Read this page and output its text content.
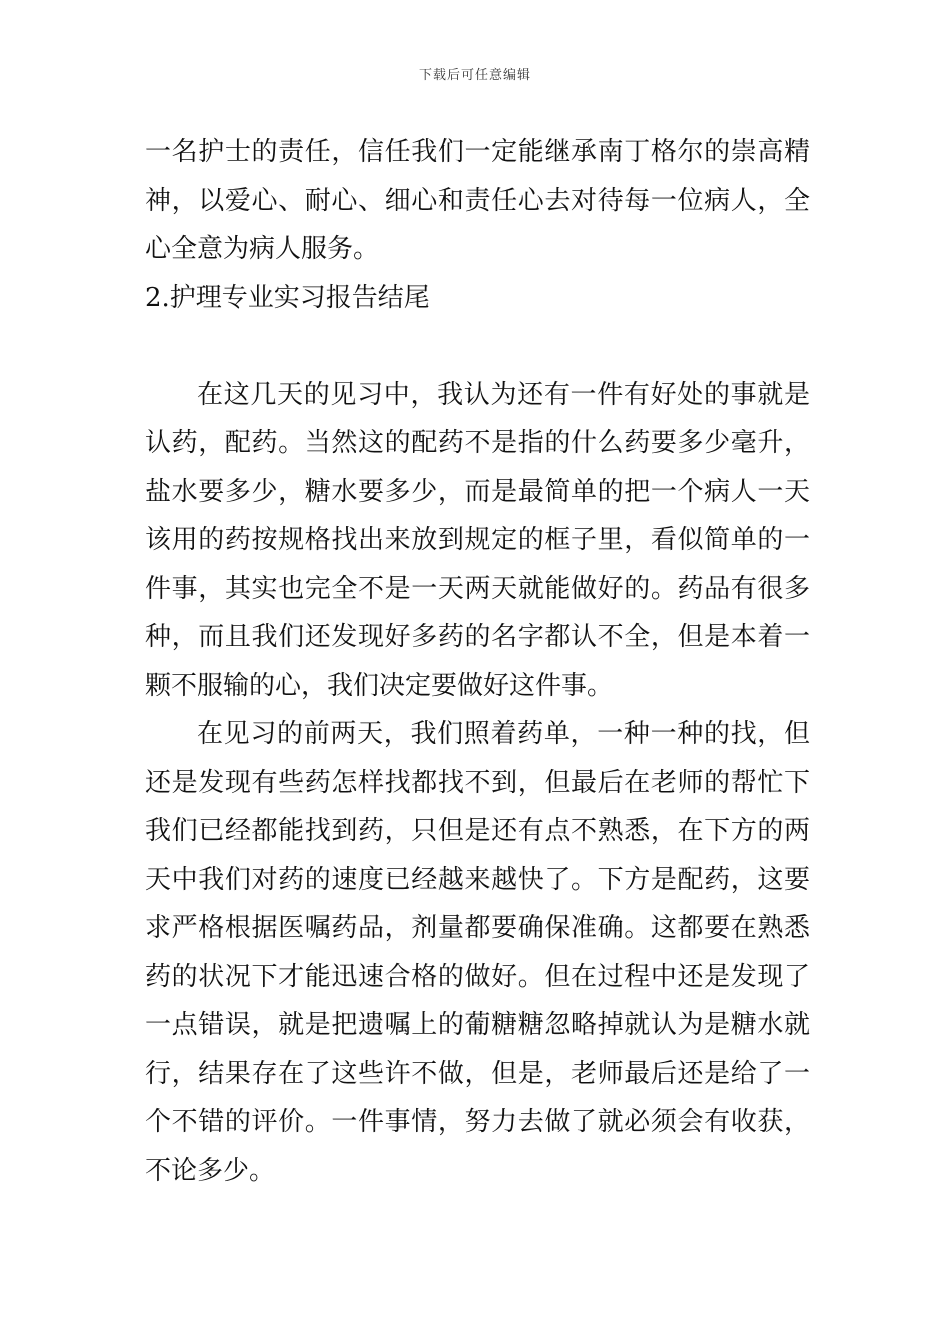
下载后可任意编辑

一名护士的责任，信任我们一定能继承南丁格尔的崇高精神，以爱心、耐心、细心和责任心去对待每一位病人，全心全意为病人服务。

2.护理专业实习报告结尾

在这几天的见习中，我认为还有一件有好处的事就是认药，配药。当然这的配药不是指的什么药要多少毫升，盐水要多少，糖水要多少，而是最简单的把一个病人一天该用的药按规格找出来放到规定的框子里，看似简单的一件事，其实也完全不是一天两天就能做好的。药品有很多种，而且我们还发现好多药的名字都认不全，但是本着一颗不服输的心，我们决定要做好这件事。

在见习的前两天，我们照着药单，一种一种的找，但还是发现有些药怎样找都找不到，但最后在老师的帮忙下我们已经都能找到药，只但是还有点不熟悉，在下方的两天中我们对药的速度已经越来越快了。下方是配药，这要求严格根据医嘱药品，剂量都要确保准确。这都要在熟悉药的状况下才能迅速合格的做好。但在过程中还是发现了一点错误，就是把遗嘱上的葡糖糖忽略掉就认为是糖水就行，结果存在了这些许不做，但是，老师最后还是给了一个不错的评价。一件事情，努力去做了就必须会有收获，不论多少。
